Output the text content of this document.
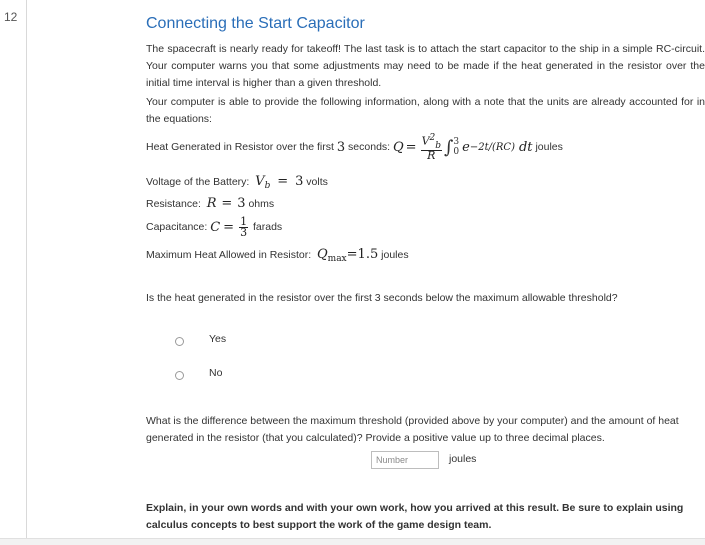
12	Connecting the Start Capacitor

The spacecraft is nearly ready for takeoff! The last task is to attach the start capacitor to the ship in a simple RC-circuit. Your computer warns you that some adjustments may need to be made if the heat generated in the resistor over the initial time interval is higher than a given threshold.

Your computer is able to provide the following information, along with a note that the units are already accounted for in the equations:

Heat Generated in Resistor over the first
3
seconds:
$Q = \frac{V^2_b}{R}$ ∫ 3
0 e −2t/(RC) dt
joules
Voltage of the Battery: Vb = 3 volts
Resistance: R = 3 ohms
Capacitance:
$C = \frac{1}{3}$
farads
Maximum Heat Allowed in Resistor: Qmax=1.5 joules

Is the heat generated in the resistor over the first 3 seconds below the maximum allowable threshold?

Yes
No

What is the difference between the maximum threshold (provided above by your computer) and the amount of heat generated in the resistor (that you calculated)? Provide a positive value up to three decimal places.

Number
joules

Explain, in your own words and with your own work, how you arrived at this result. Be sure to explain using calculus concepts to best support the work of the game design team.
